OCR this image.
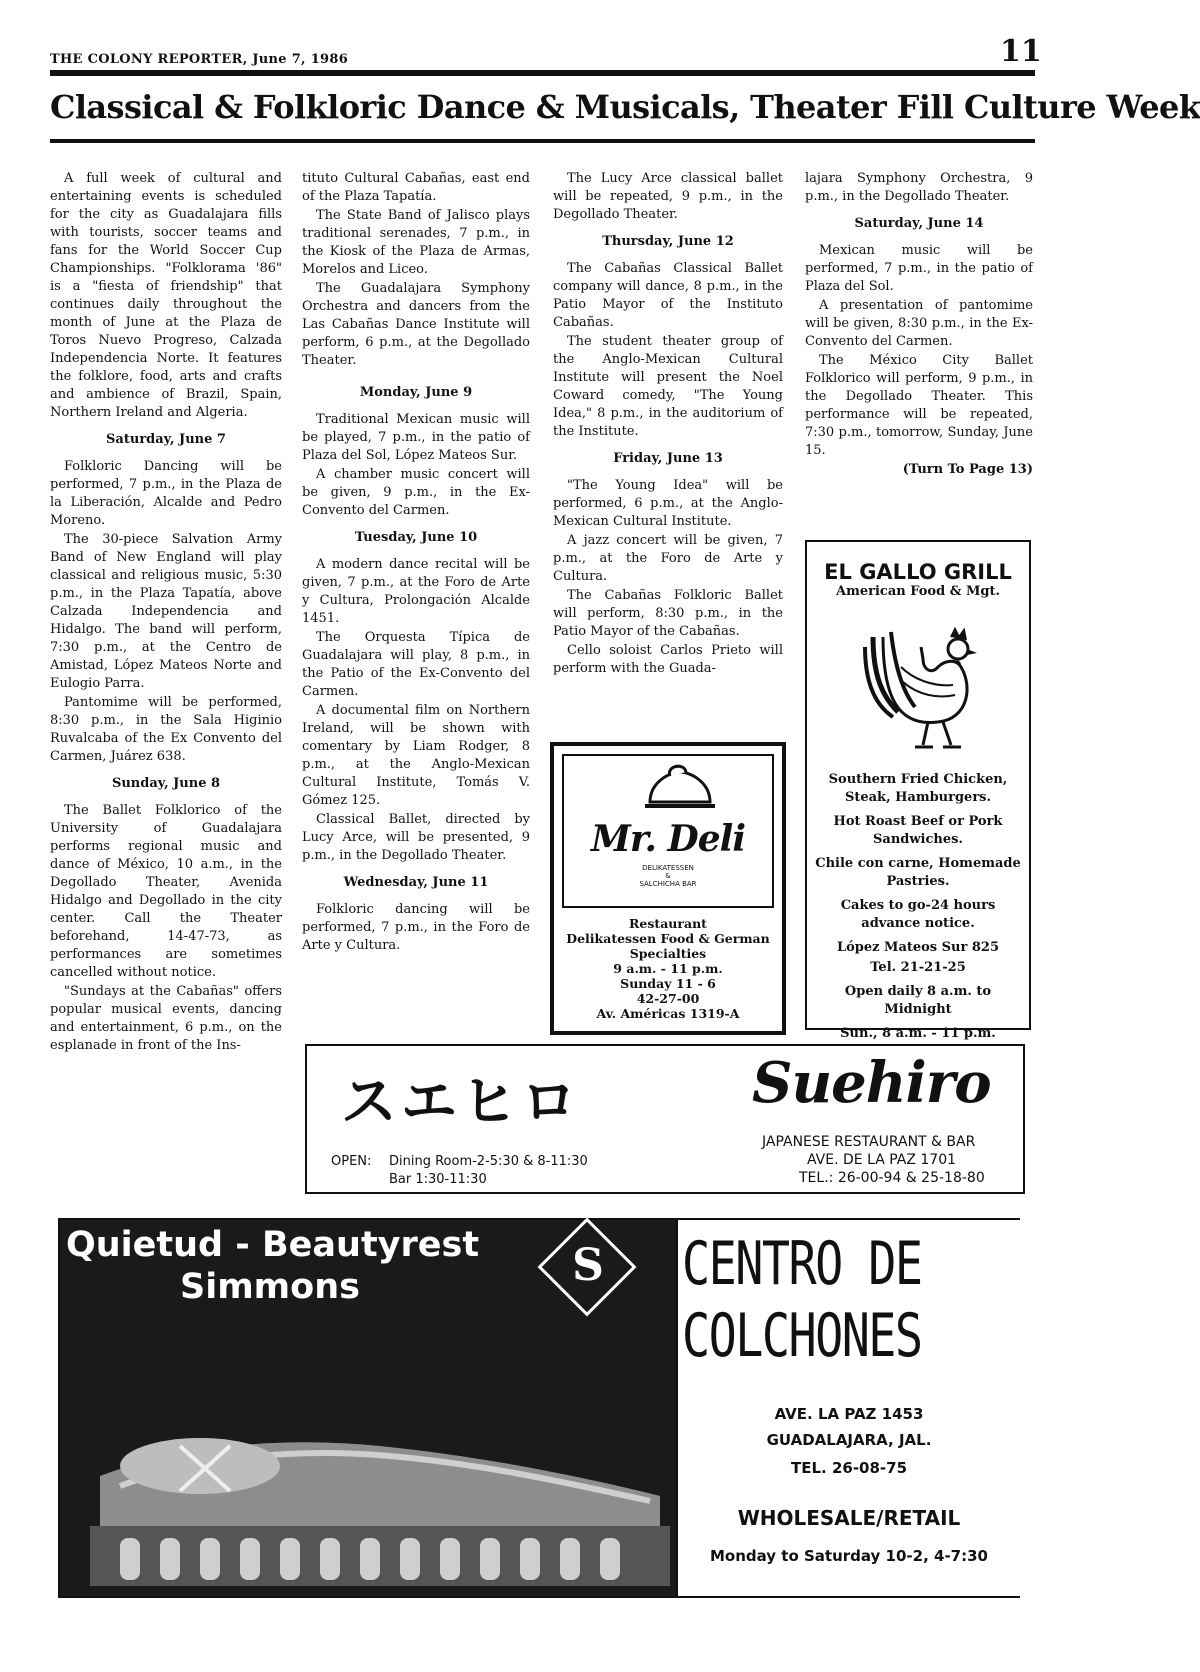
THE COLONY REPORTER, June 7, 1986	11
Classical & Folkloric Dance & Musicals, Theater Fill Culture Week

A full week of cultural and entertaining events is scheduled for the city as Guadalajara fills with tourists, soccer teams and fans for the World Soccer Cup Championships. "Folklorama '86" is a "fiesta of friendship" that continues daily throughout the month of June at the Plaza de Toros Nuevo Progreso, Calzada Independencia Norte. It features the folklore, food, arts and crafts and ambience of Brazil, Spain, Northern Ireland and Algeria.

Saturday, June 7

Folkloric Dancing will be performed, 7 p.m., in the Plaza de la Liberación, Alcalde and Pedro Moreno.

The 30-piece Salvation Army Band of New England will play classical and religious music, 5:30 p.m., in the Plaza Tapatía, above Calzada Independencia and Hidalgo. The band will perform, 7:30 p.m., at the Centro de Amistad, López Mateos Norte and Eulogio Parra.

Pantomime will be performed, 8:30 p.m., in the Sala Higinio Ruvalcaba of the Ex Convento del Carmen, Juárez 638.

Sunday, June 8

The Ballet Folklorico of the University of Guadalajara performs regional music and dance of México, 10 a.m., in the Degollado Theater, Avenida Hidalgo and Degollado in the city center. Call the Theater beforehand, 14-47-73, as performances are sometimes cancelled without notice.

"Sundays at the Cabañas" offers popular musical events, dancing and entertainment, 6 p.m., on the esplanade in front of the Ins-

tituto Cultural Cabañas, east end of the Plaza Tapatía.

The State Band of Jalisco plays traditional serenades, 7 p.m., in the Kiosk of the Plaza de Armas, Morelos and Liceo.

The Guadalajara Symphony Orchestra and dancers from the Las Cabañas Dance Institute will perform, 6 p.m., at the Degollado Theater.

Monday, June 9

Traditional Mexican music will be played, 7 p.m., in the patio of Plaza del Sol, López Mateos Sur.

A chamber music concert will be given, 9 p.m., in the Ex-Convento del Carmen.

Tuesday, June 10

A modern dance recital will be given, 7 p.m., at the Foro de Arte y Cultura, Prolongación Alcalde 1451.

The Orquesta Típica de Guadalajara will play, 8 p.m., in the Patio of the Ex-Convento del Carmen.

A documental film on Northern Ireland, will be shown with comentary by Liam Rodger, 8 p.m., at the Anglo-Mexican Cultural Institute, Tomás V. Gómez 125.

Classical Ballet, directed by Lucy Arce, will be presented, 9 p.m., in the Degollado Theater.

Wednesday, June 11

Folkloric dancing will be performed, 7 p.m., in the Foro de Arte y Cultura.

The Lucy Arce classical ballet will be repeated, 9 p.m., in the Degollado Theater.

Thursday, June 12

The Cabañas Classical Ballet company will dance, 8 p.m., in the Patio Mayor of the Instituto Cabañas.

The student theater group of the Anglo-Mexican Cultural Institute will present the Noel Coward comedy, "The Young Idea," 8 p.m., in the auditorium of the Institute.

Friday, June 13

"The Young Idea" will be performed, 6 p.m., at the Anglo-Mexican Cultural Institute.

A jazz concert will be given, 7 p.m., at the Foro de Arte y Cultura.

The Cabañas Folkloric Ballet will perform, 8:30 p.m., in the Patio Mayor of the Cabañas.

Cello soloist Carlos Prieto will perform with the Guada-

lajara Symphony Orchestra, 9 p.m., in the Degollado Theater.

Saturday, June 14

Mexican music will be performed, 7 p.m., in the patio of Plaza del Sol.

A presentation of pantomime will be given, 8:30 p.m., in the Ex-Convento del Carmen.

The México City Ballet Folklorico will perform, 9 p.m., in the Degollado Theater. This performance will be repeated, 7:30 p.m., tomorrow, Sunday, June 15.

(Turn To Page 13)

EL GALLO GRILL
American Food & Mgt.
Southern Fried Chicken, Steak, Hamburgers.
Hot Roast Beef or Pork Sandwiches.
Chile con carne, Homemade Pastries.
Cakes to go-24 hours advance notice.
López Mateos Sur 825
Tel. 21-21-25
Open daily 8 a.m. to Midnight
Sun., 8 a.m. - 11 p.m.
Mr. Deli
DELIKATESSEN
&
SALCHICHA BAR
Restaurant
Delikatessen Food & German Specialties
9 a.m. - 11 p.m.
Sunday 11 - 6
42-27-00
Av. Américas 1319-A
スエヒロ	Suehiro
JAPANESE RESTAURANT & BAR
AVE. DE LA PAZ 1701
TEL.: 26-00-94 & 25-18-80
OPEN: Dining Room-2-5:30 & 8-11:30
Bar 1:30-11:30
Quietud - Beautyrest
Simmons	S CENTRO DE
COLCHONES
AVE. LA PAZ 1453
GUADALAJARA, JAL.
TEL. 26-08-75
WHOLESALE/RETAIL
Monday to Saturday 10-2, 4-7:30
